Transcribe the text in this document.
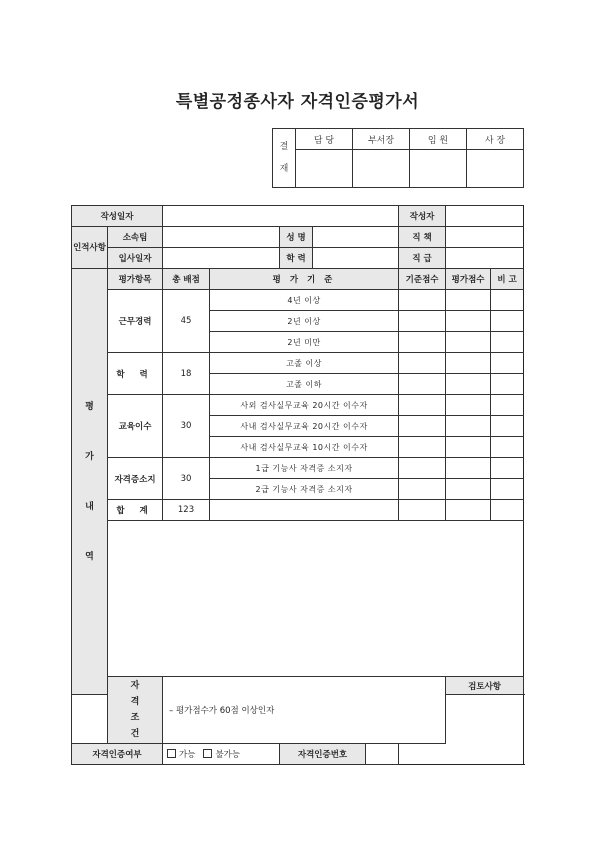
특별공정종사자 자격인증평가서
결
재	담 당	부서장	임 원	사 장

작성일자							작성자		
인적사항	소속팀			성 명			직 책		
	입사일자			학 력			직 급		

평
가
내
역	평가항목	총 배점	평 가 기 준				기준점수	평가점수	비 고
	근무경력	45	4년 이상						
			2년 이상						
			2년 미만						
	학 력	18	고졸 이상						
			고졸 이하						
	교육이수	30	사외 검사실무교육 20시간 이수자						
			사내 검사실무교육 20시간 이수자						
			사내 검사실무교육 10시간 이수자						
	자격증소지	30	1급 기능사 자격증 소지자						
			2급 기능사 자격증 소지자						
	합 계	123							

	자
격
조
건	– 평가점수가 60점 이상인자						검토사항	

자격인증여부		가능 불가능		자격인증번호					
